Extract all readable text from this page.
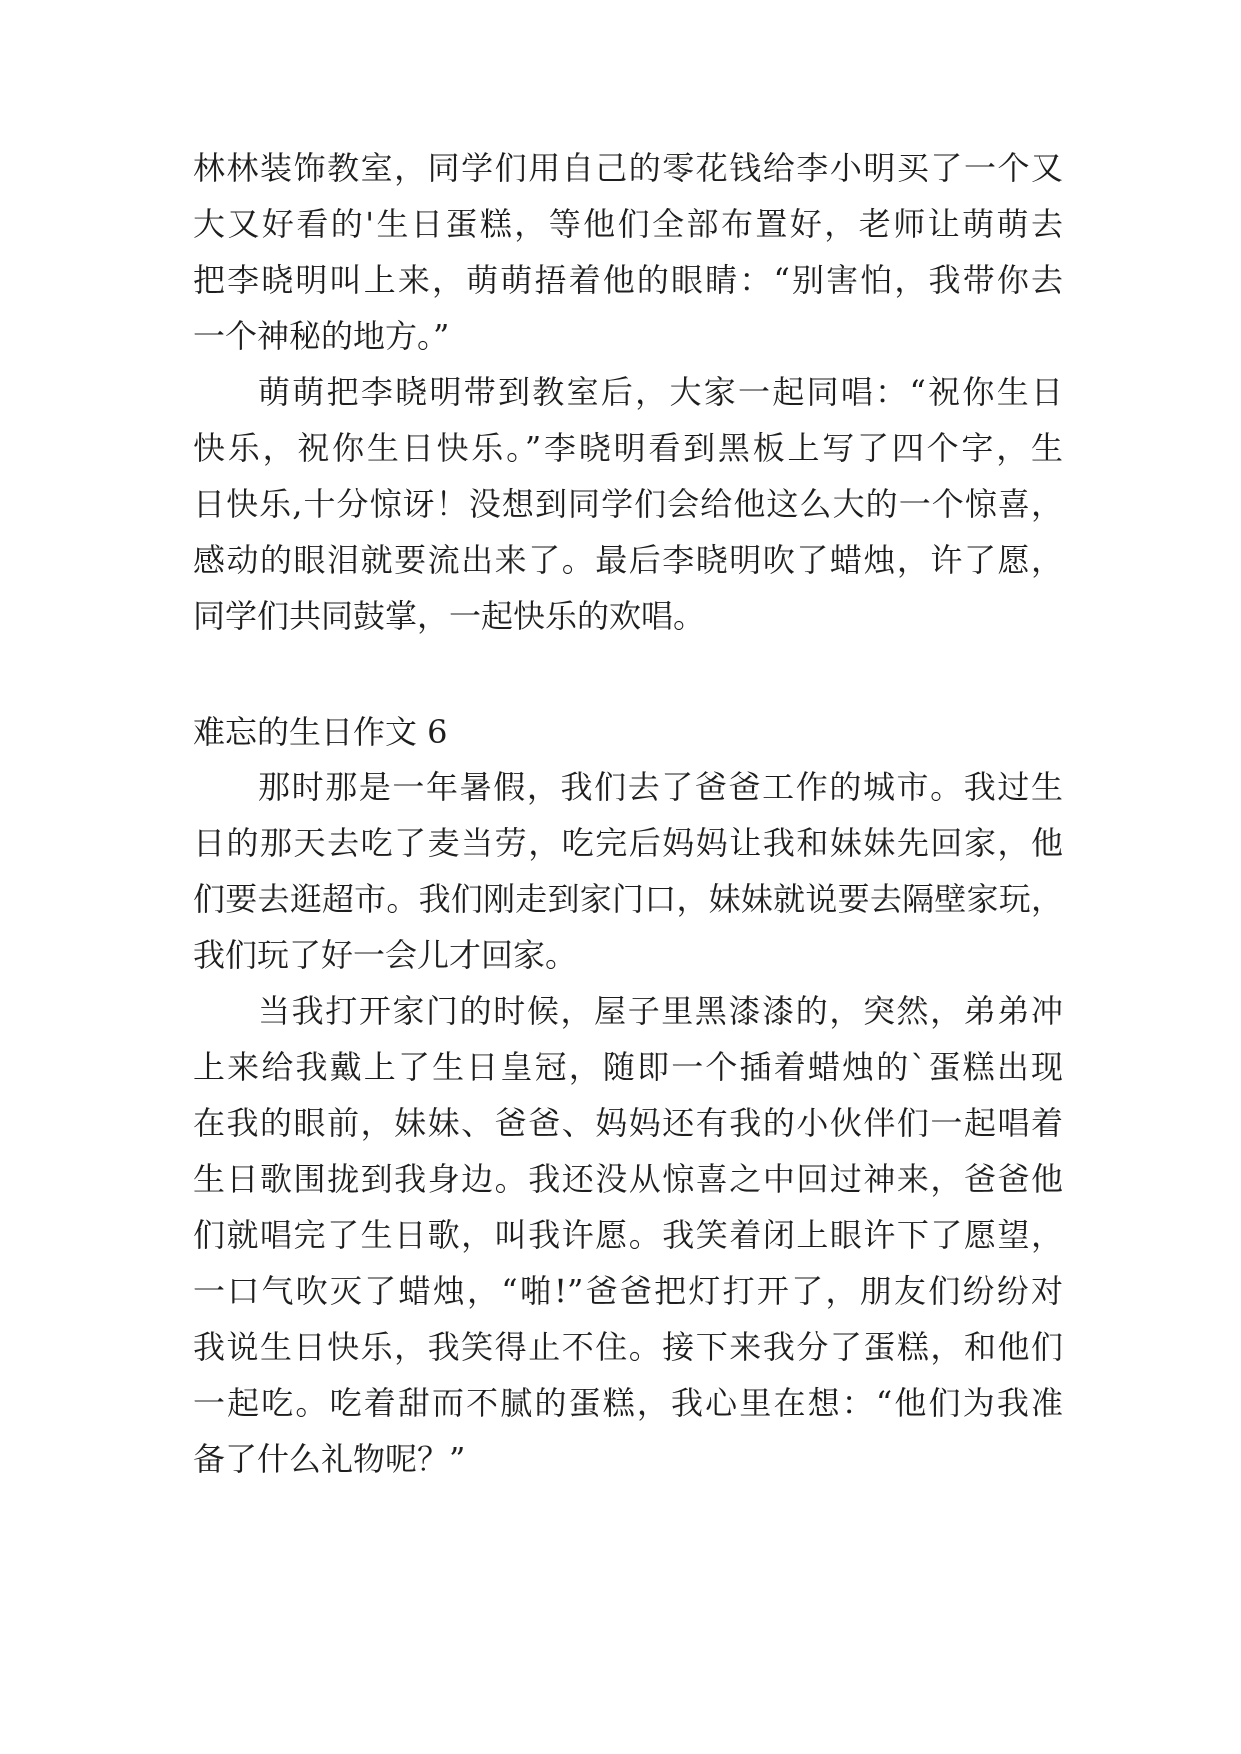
林林装饰教室，同学们用自己的零花钱给李小明买了一个又
大又好看的'生日蛋糕，等他们全部布置好，老师让萌萌去
把李晓明叫上来，萌萌捂着他的眼睛：“别害怕，我带你去
一个神秘的地方。”
萌萌把李晓明带到教室后，大家一起同唱：“祝你生日
快乐，祝你生日快乐。”李晓明看到黑板上写了四个字，生
日快乐,十分惊讶！没想到同学们会给他这么大的一个惊喜，
感动的眼泪就要流出来了。最后李晓明吹了蜡烛，许了愿，
同学们共同鼓掌，一起快乐的欢唱。
难忘的生日作文 6
那时那是一年暑假，我们去了爸爸工作的城市。我过生
日的那天去吃了麦当劳，吃完后妈妈让我和妹妹先回家，他
们要去逛超市。我们刚走到家门口，妹妹就说要去隔壁家玩，
我们玩了好一会儿才回家。
当我打开家门的时候，屋子里黑漆漆的，突然，弟弟冲
上来给我戴上了生日皇冠，随即一个插着蜡烛的`蛋糕出现
在我的眼前，妹妹、爸爸、妈妈还有我的小伙伴们一起唱着
生日歌围拢到我身边。我还没从惊喜之中回过神来，爸爸他
们就唱完了生日歌，叫我许愿。我笑着闭上眼许下了愿望，
一口气吹灭了蜡烛，“啪!”爸爸把灯打开了，朋友们纷纷对
我说生日快乐，我笑得止不住。接下来我分了蛋糕，和他们
一起吃。吃着甜而不腻的蛋糕，我心里在想：“他们为我准
备了什么礼物呢？”
